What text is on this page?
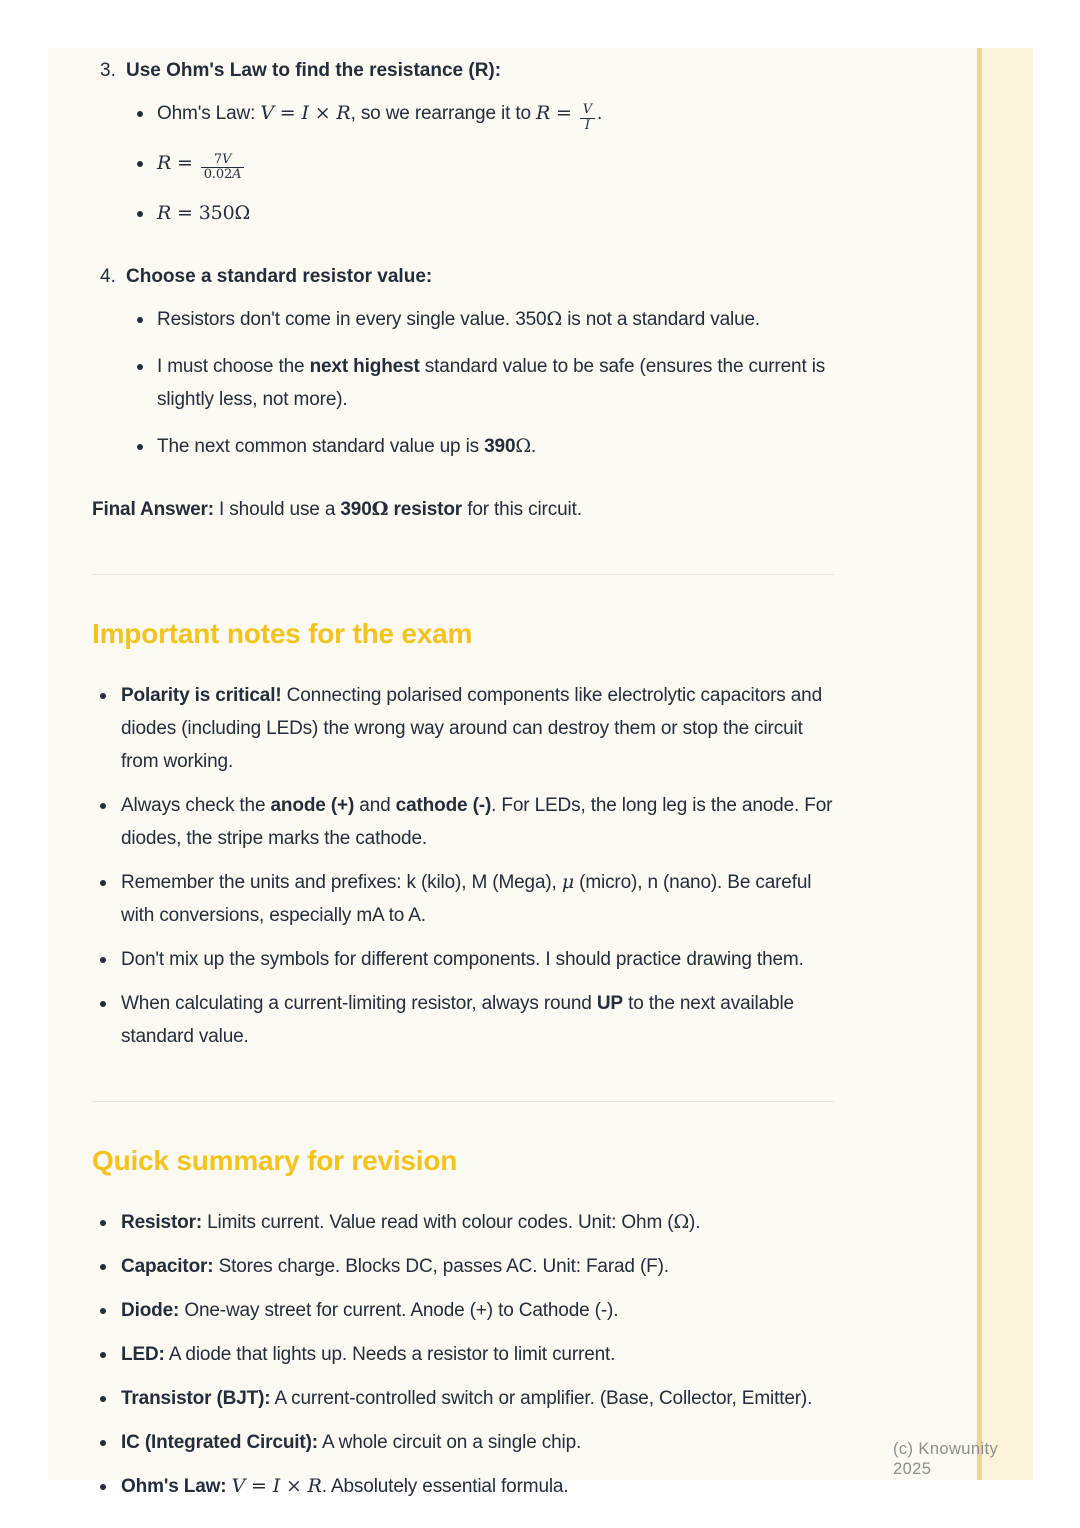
3. Use Ohm's Law to find the resistance (R):
Ohm's Law: V = I × R, so we rearrange it to $R = \frac{V}{I}$ .
$R = \frac{7V}{0.02A}$
R = 350Ω
4. Choose a standard resistor value:
Resistors don't come in every single value. 350Ω is not a standard value.
I must choose the next highest standard value to be safe (ensures the current is slightly less, not more).
The next common standard value up is 390Ω.
Final Answer: I should use a 390Ω resistor for this circuit.
Important notes for the exam
Polarity is critical! Connecting polarised components like electrolytic capacitors and diodes (including LEDs) the wrong way around can destroy them or stop the circuit from working.
Always check the anode (+) and cathode (-). For LEDs, the long leg is the anode. For diodes, the stripe marks the cathode.
Remember the units and prefixes: k (kilo), M (Mega), μ (micro), n (nano). Be careful with conversions, especially mA to A.
Don't mix up the symbols for different components. I should practice drawing them.
When calculating a current-limiting resistor, always round UP to the next available standard value.
Quick summary for revision
Resistor: Limits current. Value read with colour codes. Unit: Ohm (Ω).
Capacitor: Stores charge. Blocks DC, passes AC. Unit: Farad (F).
Diode: One-way street for current. Anode (+) to Cathode (-).
LED: A diode that lights up. Needs a resistor to limit current.
Transistor (BJT): A current-controlled switch or amplifier. (Base, Collector, Emitter).
IC (Integrated Circuit): A whole circuit on a single chip.
Ohm's Law: V = I × R. Absolutely essential formula.
(c) Knowunity 2025
